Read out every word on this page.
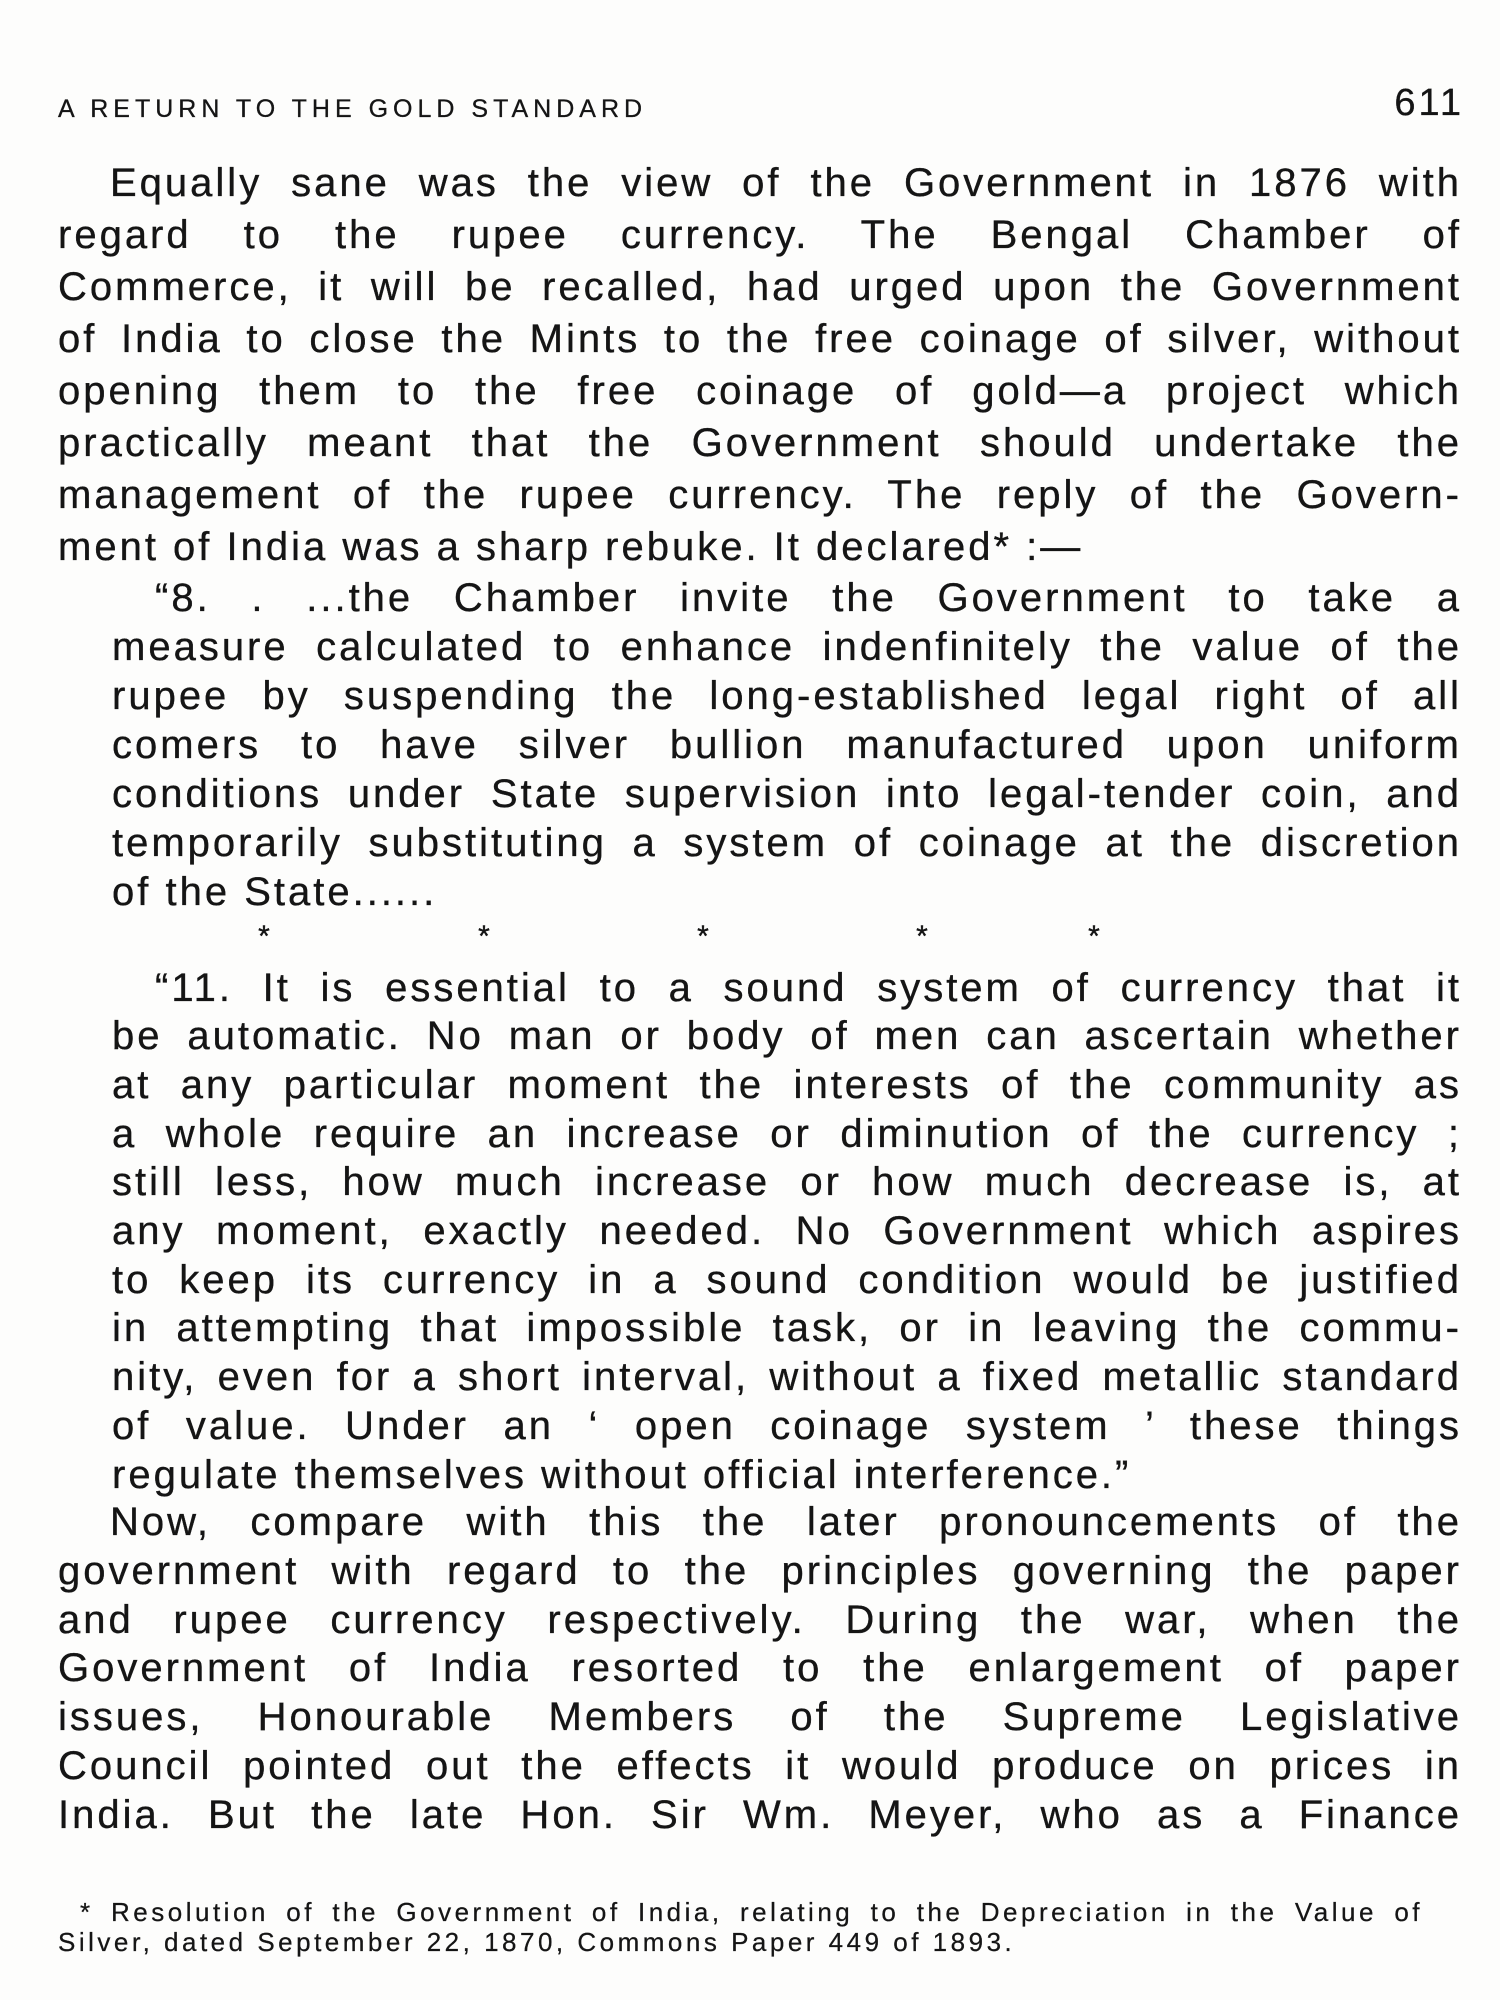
A RETURN TO THE GOLD STANDARD	611
Equally sane was the view of the Government in 1876 with
regard to the rupee currency. The Bengal Chamber of
Commerce, it will be recalled, had urged upon the Government
of India to close the Mints to the free coinage of silver, without
opening them to the free coinage of gold—a project which
practically meant that the Government should undertake the
management of the rupee currency. The reply of the Govern-
ment of India was a sharp rebuke. It declared* :—
“8. . ...the Chamber invite the Government to take a
measure calculated to enhance indenfinitely the value of the
rupee by suspending the long-established legal right of all
comers to have silver bullion manufactured upon uniform
conditions under State supervision into legal-tender coin, and
temporarily substituting a system of coinage at the discretion
of the State......
*	*	*	*	*
“11. It is essential to a sound system of currency that it
be automatic. No man or body of men can ascertain whether
at any particular moment the interests of the community as
a whole require an increase or diminution of the currency ;
still less, how much increase or how much decrease is, at
any moment, exactly needed. No Government which aspires
to keep its currency in a sound condition would be justified
in attempting that impossible task, or in leaving the commu-
nity, even for a short interval, without a fixed metallic standard
of value. Under an ‘ open coinage system ’ these things
regulate themselves without official interference.”
Now, compare with this the later pronouncements of the
government with regard to the principles governing the paper
and rupee currency respectively. During the war, when the
Government of India resorted to the enlargement of paper
issues, Honourable Members of the Supreme Legislative
Council pointed out the effects it would produce on prices in
India. But the late Hon. Sir Wm. Meyer, who as a Finance
* Resolution of the Government of India, relating to the Depreciation in the Value of
Silver, dated September 22, 1870, Commons Paper 449 of 1893.
